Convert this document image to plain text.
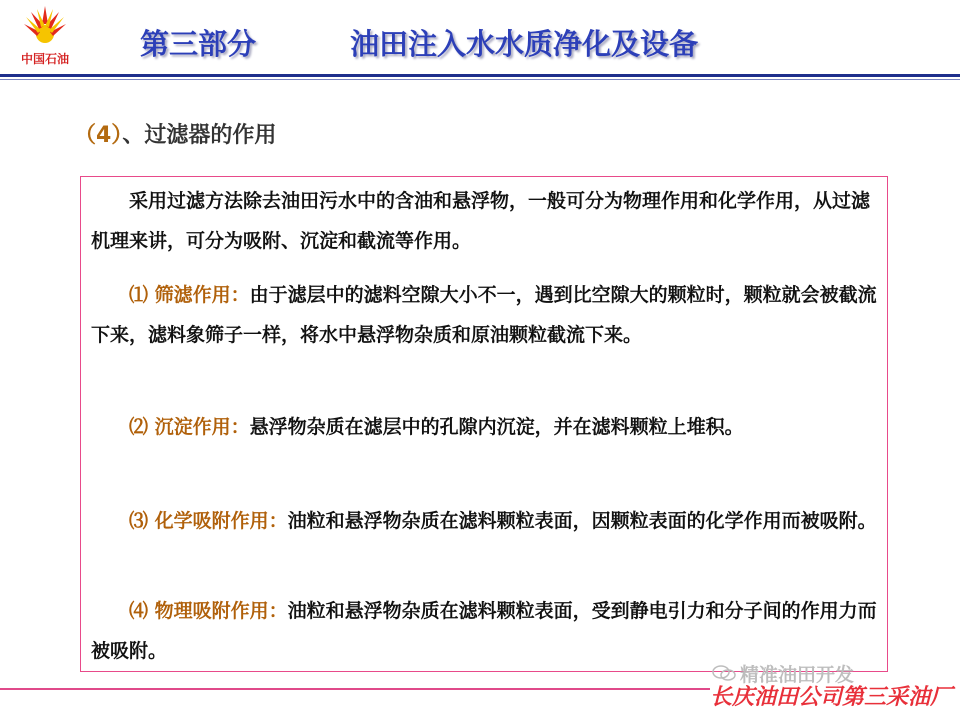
中国石油 第三部分	油田注入水水质净化及设备
（4）、过滤器的作用

采用过滤方法除去油田污水中的含油和悬浮物，一般可分为物理作用和化学作用，从过滤机理来讲，可分为吸附、沉淀和截流等作用。

⑴ 筛滤作用：由于滤层中的滤料空隙大小不一，遇到比空隙大的颗粒时，颗粒就会被截流下来，滤料象筛子一样，将水中悬浮物杂质和原油颗粒截流下来。

⑵ 沉淀作用：悬浮物杂质在滤层中的孔隙内沉淀，并在滤料颗粒上堆积。

⑶ 化学吸附作用：油粒和悬浮物杂质在滤料颗粒表面，因颗粒表面的化学作用而被吸附。

⑷ 物理吸附作用：油粒和悬浮物杂质在滤料颗粒表面，受到静电引力和分子间的作用力而被吸附。

精准油田开发
长庆油田公司第三采油厂
